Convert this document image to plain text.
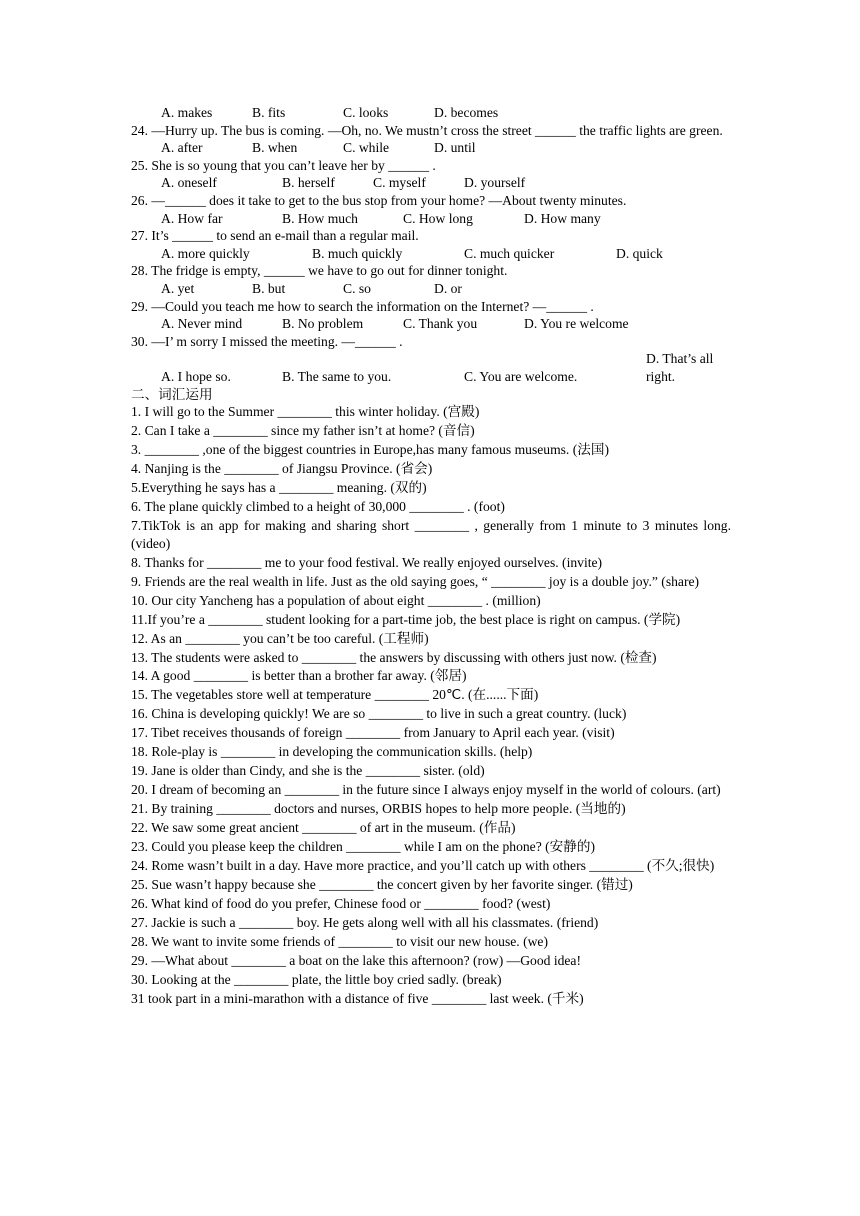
A. makes	B. fits	C. looks	D. becomes
24. —Hurry up. The bus is coming. —Oh, no. We mustn’t cross the street ______ the traffic lights are green.
A. after	B. when	C. while	D. until
25. She is so young that you can’t leave her by ______ .
A. oneself	B. herself	C. myself	D. yourself
26. —______ does it take to get to the bus stop from your home? —About twenty minutes.
A. How far	B. How much	C. How long	D. How many
27. It’s ______ to send an e-mail than a regular mail.
A. more quickly	B. much quickly	C. much quicker	D. quick
28. The fridge is empty, ______ we have to go out for dinner tonight.
A. yet	B. but	C. so	D. or
29. —Could you teach me how to search the information on the Internet? —______ .
A. Never mind	B. No problem	C. Thank you	D. You re welcome
30. —I’ m sorry I missed the meeting. —______ .
A. I hope so.	B. The same to you.	C. You are welcome.D. That’s all right.
二、词汇运用
1. I will go to the Summer ________ this winter holiday. (宫殿)
2. Can I take a ________ since my father isn’t at home? (音信)
3. ________ ,one of the biggest countries in Europe,has many famous museums. (法国)
4. Nanjing is the ________ of Jiangsu Province. (省会)
5.Everything he says has a ________ meaning. (双的)
6. The plane quickly climbed to a height of 30,000 ________ . (foot)
7.TikTok is an app for making and sharing short ________ , generally from 1 minute to 3 minutes long. (video)
8. Thanks for ________ me to your food festival. We really enjoyed ourselves. (invite)
9. Friends are the real wealth in life. Just as the old saying goes, “ ________ joy is a double joy.” (share)
10. Our city Yancheng has a population of about eight ________ . (million)
11.If you’re a ________ student looking for a part-time job, the best place is right on campus. (学院)
12. As an ________ you can’t be too careful. (工程师)
13. The students were asked to ________ the answers by discussing with others just now. (检查)
14. A good ________ is better than a brother far away. (邻居)
15. The vegetables store well at temperature ________ 20℃. (在......下面)
16. China is developing quickly! We are so ________ to live in such a great country. (luck)
17. Tibet receives thousands of foreign ________ from January to April each year. (visit)
18. Role-play is ________ in developing the communication skills. (help)
19. Jane is older than Cindy, and she is the ________ sister. (old)
20. I dream of becoming an ________ in the future since I always enjoy myself in the world of colours. (art)
21. By training ________ doctors and nurses, ORBIS hopes to help more people. (当地的)
22. We saw some great ancient ________ of art in the museum. (作品)
23. Could you please keep the children ________ while I am on the phone? (安静的)
24. Rome wasn’t built in a day. Have more practice, and you’ll catch up with others ________ (不久;很快)
25. Sue wasn’t happy because she ________ the concert given by her favorite singer. (错过)
26. What kind of food do you prefer, Chinese food or ________ food? (west)
27. Jackie is such a ________ boy. He gets along well with all his classmates. (friend)
28. We want to invite some friends of ________ to visit our new house. (we)
29. —What about ________ a boat on the lake this afternoon? (row) —Good idea!
30. Looking at the ________ plate, the little boy cried sadly. (break)
31 took part in a mini-marathon with a distance of five ________ last week. (千米)
